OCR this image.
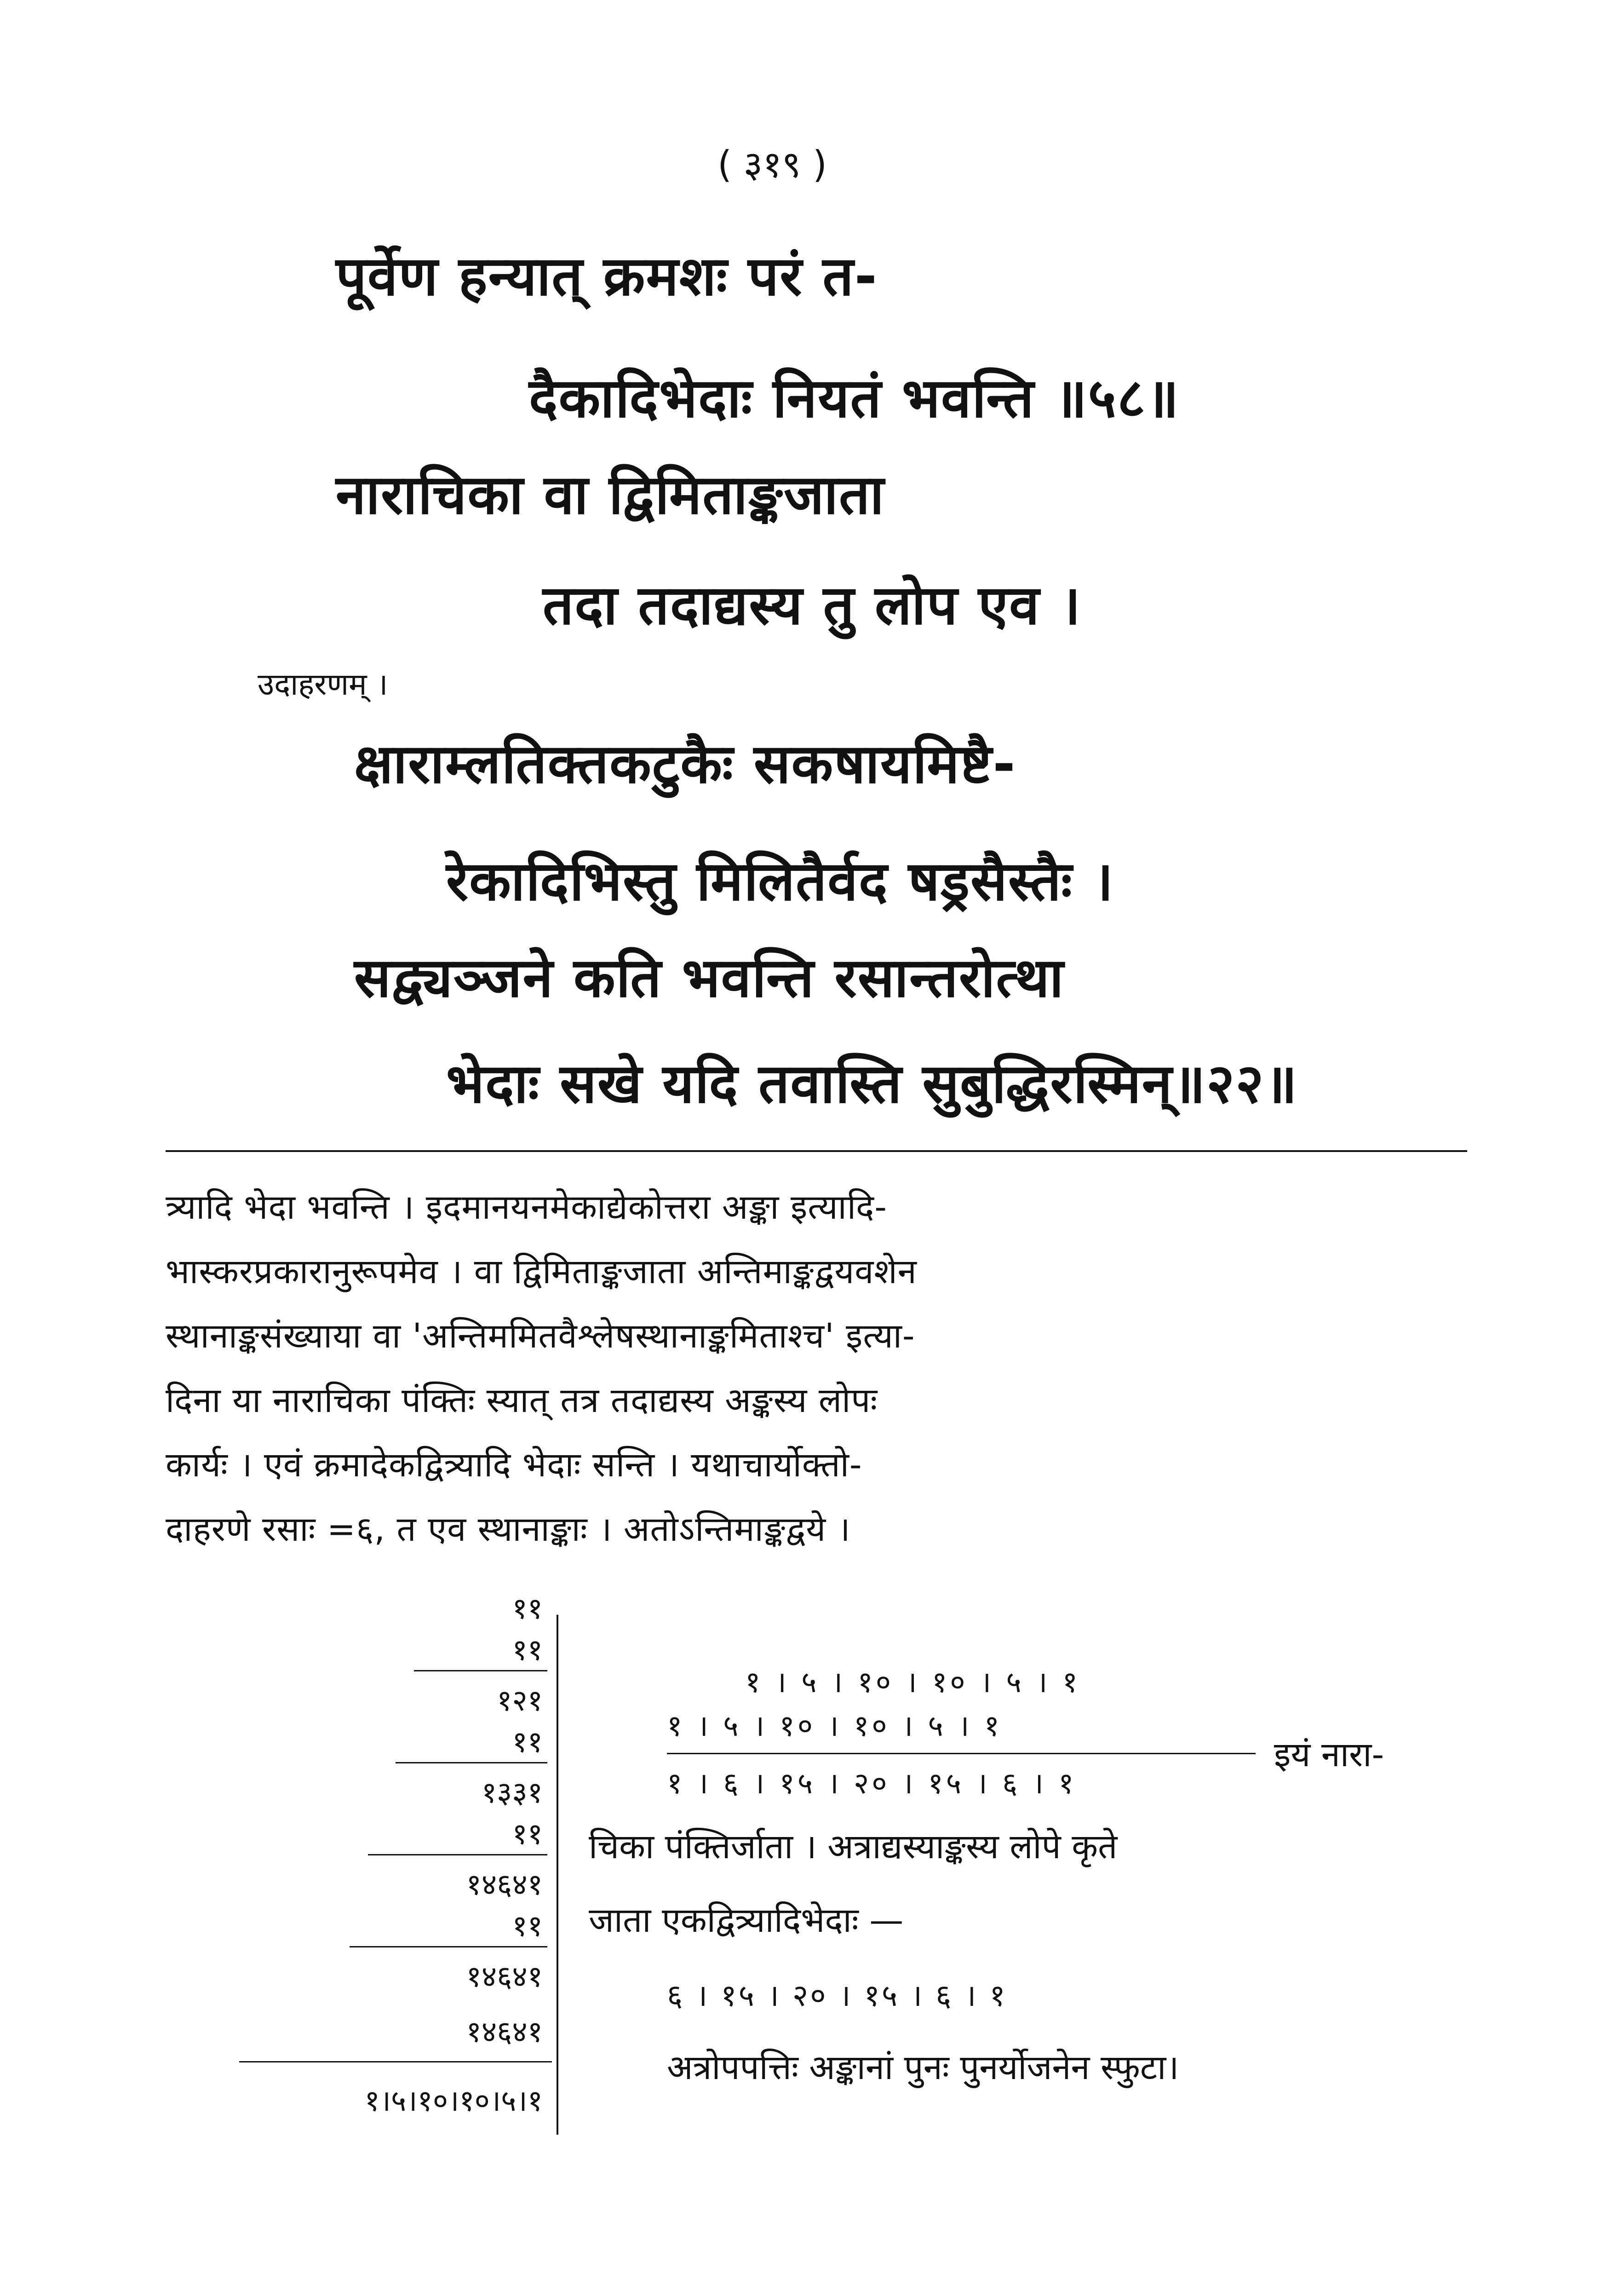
( ३१९ )
पूर्वेण हन्यात् क्रमशः परं त-
दैकादिभेदाः नियतं भवन्ति ॥५८॥
नाराचिका वा द्विमिताङ्कजाता
तदा तदाद्यस्य तु लोप एव ।
उदाहरणम् ।
क्षाराम्लतिक्तकटुकैः सकषायमिष्टै-
रेकादिभिस्तु मिलितैर्वद षड्रसैस्तैः ।
सद्व्यञ्जने कति भवन्ति रसान्तरोत्था
भेदाः सखे यदि तवास्ति सुबुद्धिरस्मिन्॥२२॥
त्र्यादि भेदा भवन्ति । इदमानयनमेकाद्येकोत्तरा अङ्का इत्यादि-
भास्करप्रकारानुरूपमेव । वा द्विमिताङ्कजाता अन्तिमाङ्कद्वयवशेन
स्थानाङ्कसंख्याया वा 'अन्तिममितवैश्लेषस्थानाङ्कमिताश्च' इत्या-
दिना या नाराचिका पंक्तिः स्यात् तत्र तदाद्यस्य अङ्कस्य लोपः
कार्यः । एवं क्रमादेकद्वित्र्यादि भेदाः सन्ति । यथाचार्योक्तो-
दाहरणे रसाः =६, त एव स्थानाङ्काः । अतोऽन्तिमाङ्कद्वये ।
११
११
१२१
११
१३३१
११
१४६४१
११
१४६४१
१४६४१
१।५।१०।१०।५।१
१ । ५ । १० । १० । ५ । १
१ । ५ । १० । १० । ५ । १
१ । ६ । १५ । २० । १५ । ६ । १
इयं नारा-
चिका पंक्तिर्जाता । अत्राद्यस्याङ्कस्य लोपे कृते
जाता एकद्वित्र्यादिभेदाः —
६ । १५ । २० । १५ । ६ । १
अत्रोपपत्तिः अङ्कानां पुनः पुनर्योजनेन स्फुटा।
